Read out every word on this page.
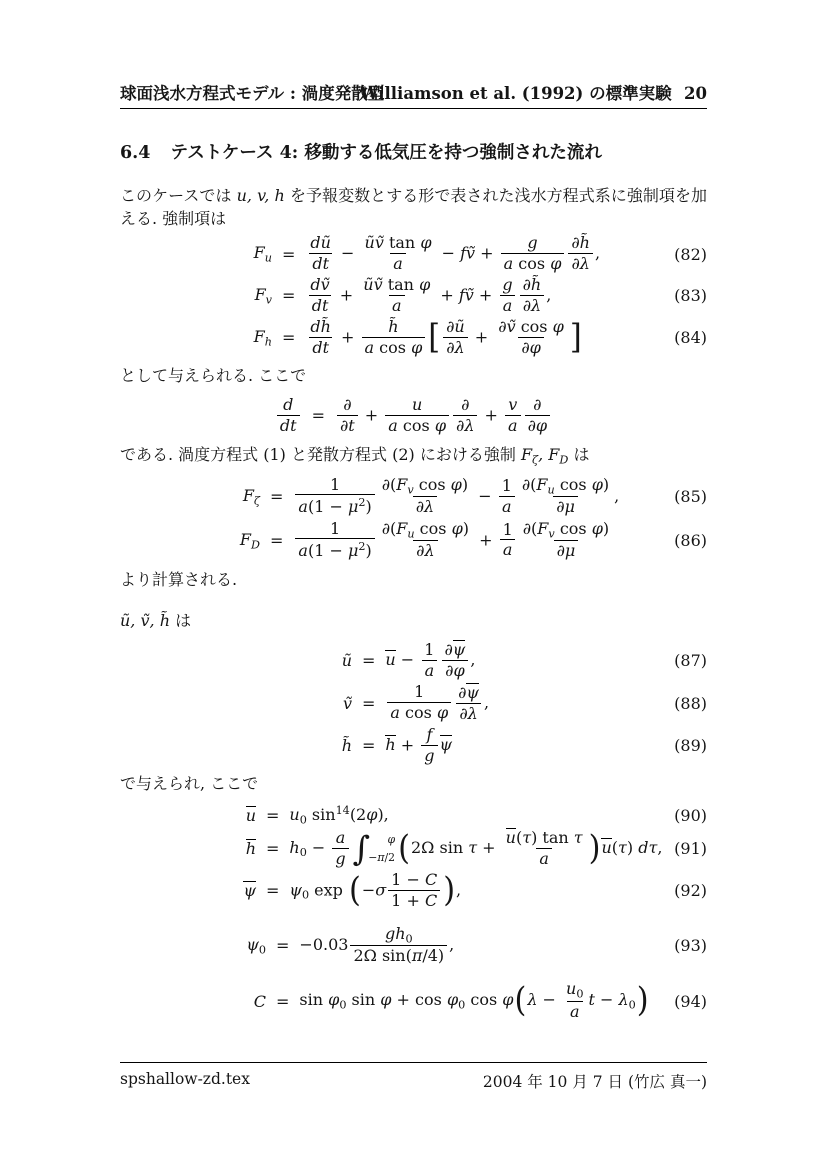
球面浅水方程式モデル : 渦度発散型
Williamson et al. (1992) の標準実験 20
6.4 テストケース 4: 移動する低気圧を持つ強制された流れ
このケースでは u, v, h を予報変数とする形で表された浅水方程式系に強制項を加える. 強制項は
$F_u = \frac{dũ}{dt} - \frac{\text{ũṽ tan φ}}{a}$ − fṽ + $\frac{g}{\text{a cos φ}} \frac{\partial h̃}{\partial\lambda}$ ,	(82)
$F_v = \frac{\text{dṽ}}{dt} + \frac{\text{ũṽ tan φ}}{a}$ + fṽ + $\frac{g}{a} \frac{\partial h̃}{\partial\lambda}$ ,	(83)
$F_h = \frac{dh̃}{dt} + \frac{h̃}{\text{a cos φ}}$ [ $\frac{\partial ũ}{\partial\lambda} + \frac{\text{∂ṽ cos φ}}{\partial\varphi}$ ]	(84)
として与えられる. ここで
$\frac{d}{dt} = \frac{\partial}{\partial t} + \frac{u}{\text{a cos φ}} \frac{\partial}{\partial\lambda} + \frac{v}{a} \frac{\partial}{\partial\varphi}$
である. 渦度方程式 (1) と発散方程式 (2) における強制 $F_\zeta$, $F_D$ は
$F_\zeta = \frac{1}{a(1 - \mu^2)} \frac{\partial(F_v \cos \varphi)}{\partial\lambda} - \frac{1}{a} \frac{\partial(F_u \cos \varphi)}{\partial\mu}$ ,	(85)
$F_D = \frac{1}{a(1 - \mu^2)} \frac{\partial(F_u \cos \varphi)}{\partial\lambda} + \frac{1}{a} \frac{\partial(F_v \cos \varphi)}{\partial\mu}$	(86)
より計算される.
ũ, ṽ, h̃ は
ũ = $u - \frac{1}{a} \frac{\partial\psi}{\partial\varphi}$ ,	(87)
ṽ = $\frac{1}{\text{a cos φ}} \frac{\partial\psi}{\partial\lambda}$ ,	(88)
h̃ = $h + \frac{f}{g}$ ψ	(89)
で与えられ, ここで
$u = u_0$ $\sin^{14}(2\varphi)$,	(90)
$h = h_0 - \frac{a}{g}$ ∫ φ
−π/2 (2Ω $\sin \tau + \frac{\text{u(τ) tan τ}}{a} )u(\tau)$ dτ, (91)
$\psi = \psi_0$ $\exp (-\sigma \frac{1 - C}{1 + C}$ ),	(92)
$\psi_0 = -0.03 \frac{gh_0}{\text{2Ω sin(π/4)}}$ ,	(93)
$C = \sin \varphi_0$ $\sin \varphi + \cos \varphi_0$ $\cos \varphi(\lambda - \frac{u_0}{a}$ $t - \lambda_0$)	(94)
spshallow-zd.tex	2004 年 10 月 7 日 (竹広 真一)
